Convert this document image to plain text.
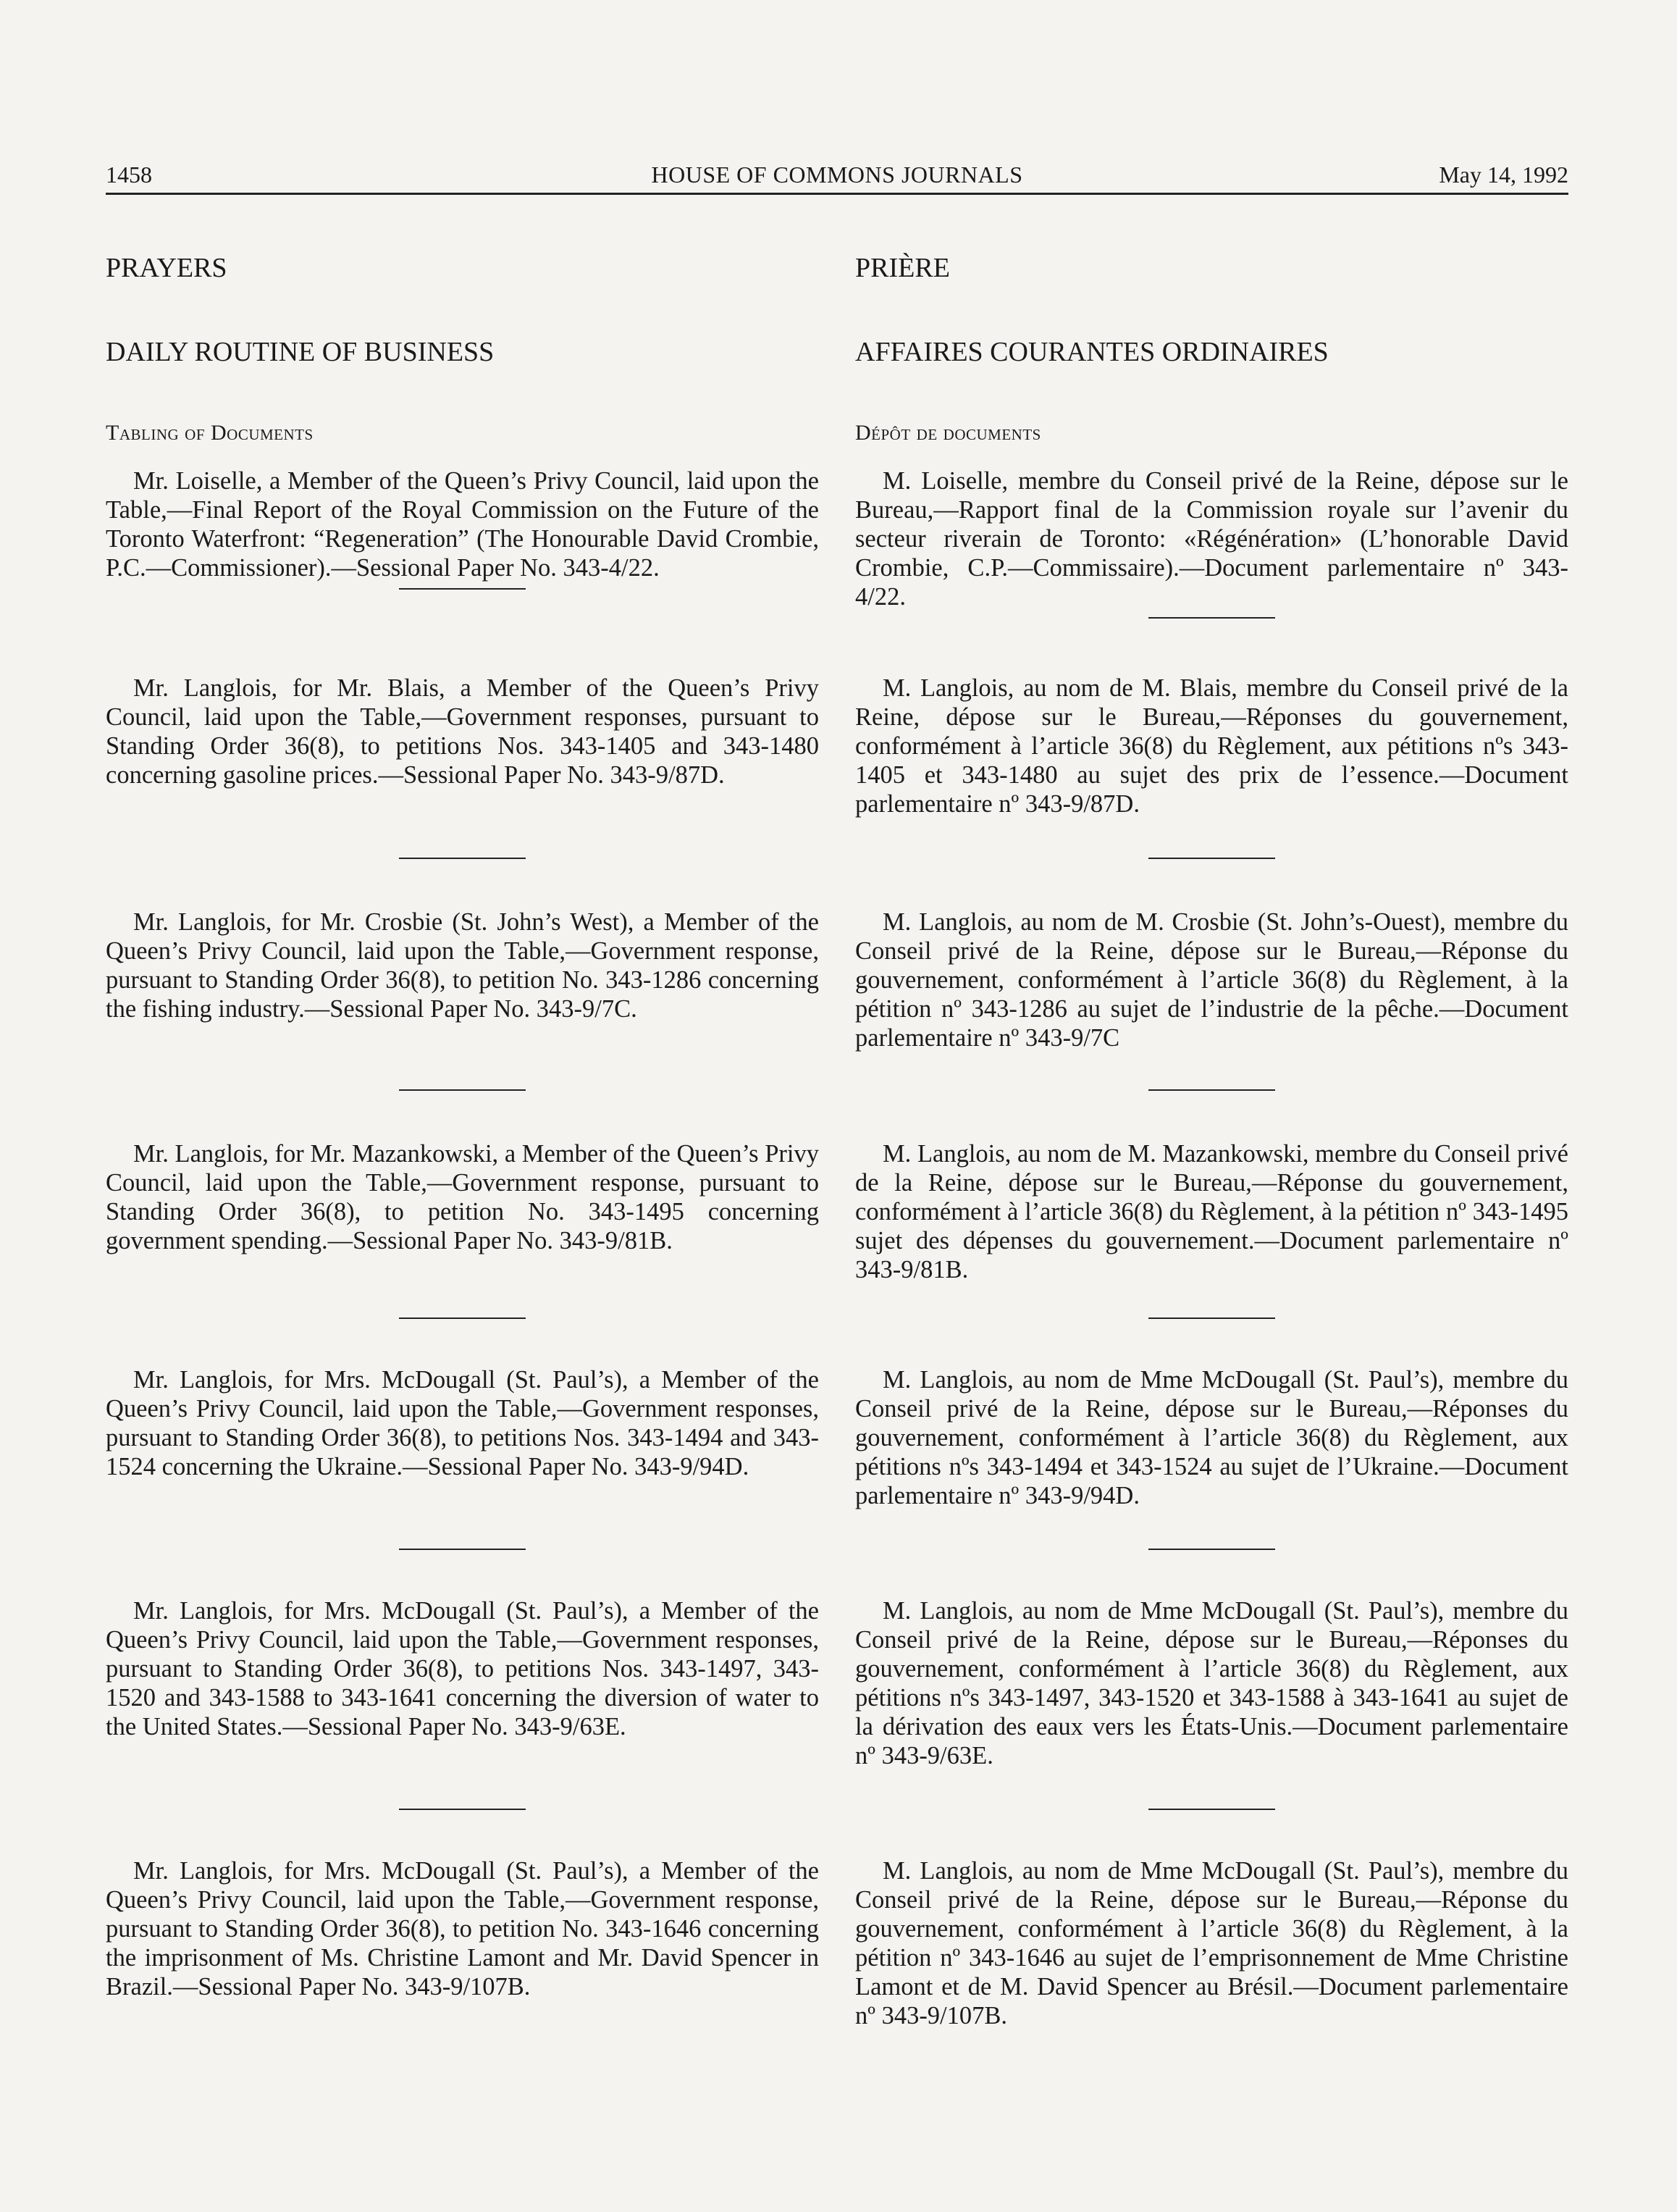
1458	HOUSE OF COMMONS JOURNALS	May 14, 1992
PRAYERS
DAILY ROUTINE OF BUSINESS
Tabling of Documents

Mr. Loiselle, a Member of the Queen’s Privy Council, laid upon the Table,—Final Report of the Royal Commission on the Future of the Toronto Waterfront: “Regeneration” (The Honourable David Crombie, P.C.—Commissioner).—Sessional Paper No. 343-4/22.

Mr. Langlois, for Mr. Blais, a Member of the Queen’s Privy Council, laid upon the Table,—Government responses, pursuant to Standing Order 36(8), to petitions Nos. 343-1405 and 343-1480 concerning gasoline prices.—Sessional Paper No. 343-9/87D.

Mr. Langlois, for Mr. Crosbie (St. John’s West), a Member of the Queen’s Privy Council, laid upon the Table,—Government response, pursuant to Standing Order 36(8), to petition No. 343-1286 concerning the fishing industry.—Sessional Paper No. 343-9/7C.

Mr. Langlois, for Mr. Mazankowski, a Member of the Queen’s Privy Council, laid upon the Table,—Government response, pursuant to Standing Order 36(8), to petition No. 343-1495 concerning government spending.—Sessional Paper No. 343-9/81B.

Mr. Langlois, for Mrs. McDougall (St. Paul’s), a Member of the Queen’s Privy Council, laid upon the Table,—Government responses, pursuant to Standing Order 36(8), to petitions Nos. 343-1494 and 343-1524 concerning the Ukraine.—Sessional Paper No. 343-9/94D.

Mr. Langlois, for Mrs. McDougall (St. Paul’s), a Member of the Queen’s Privy Council, laid upon the Table,—Government responses, pursuant to Standing Order 36(8), to petitions Nos. 343-1497, 343-1520 and 343-1588 to 343-1641 concerning the diversion of water to the United States.—Sessional Paper No. 343-9/63E.

Mr. Langlois, for Mrs. McDougall (St. Paul’s), a Member of the Queen’s Privy Council, laid upon the Table,—Government response, pursuant to Standing Order 36(8), to petition No. 343-1646 concerning the imprisonment of Ms. Christine Lamont and Mr. David Spencer in Brazil.—Sessional Paper No. 343-9/107B.

PRIÈRE
AFFAIRES COURANTES ORDINAIRES
Dépôt de documents

M. Loiselle, membre du Conseil privé de la Reine, dépose sur le Bureau,—Rapport final de la Commission royale sur l’avenir du secteur riverain de Toronto: «Régénération» (L’honorable David Crombie, C.P.—Commissaire).—Document parlementaire nº 343-4/22.

M. Langlois, au nom de M. Blais, membre du Conseil privé de la Reine, dépose sur le Bureau,—Réponses du gouvernement, conformément à l’article 36(8) du Règlement, aux pétitions nºs 343-1405 et 343-1480 au sujet des prix de l’essence.—Document parlementaire nº 343-9/87D.

M. Langlois, au nom de M. Crosbie (St. John’s-Ouest), membre du Conseil privé de la Reine, dépose sur le Bureau,—Réponse du gouvernement, conformément à l’article 36(8) du Règlement, à la pétition nº 343-1286 au sujet de l’industrie de la pêche.—Document parlementaire nº 343-9/7C

M. Langlois, au nom de M. Mazankowski, membre du Conseil privé de la Reine, dépose sur le Bureau,—Réponse du gouvernement, conformément à l’article 36(8) du Règlement, à la pétition nº 343-1495 sujet des dépenses du gouvernement.—Document parlementaire nº 343-9/81B.

M. Langlois, au nom de Mme McDougall (St. Paul’s), membre du Conseil privé de la Reine, dépose sur le Bureau,—Réponses du gouvernement, conformément à l’article 36(8) du Règlement, aux pétitions nºs 343-1494 et 343-1524 au sujet de l’Ukraine.—Document parlementaire nº 343-9/94D.

M. Langlois, au nom de Mme McDougall (St. Paul’s), membre du Conseil privé de la Reine, dépose sur le Bureau,—Réponses du gouvernement, conformément à l’article 36(8) du Règlement, aux pétitions nºs 343-1497, 343-1520 et 343-1588 à 343-1641 au sujet de la dérivation des eaux vers les États-Unis.—Document parlementaire nº 343-9/63E.

M. Langlois, au nom de Mme McDougall (St. Paul’s), membre du Conseil privé de la Reine, dépose sur le Bureau,—Réponse du gouvernement, conformément à l’article 36(8) du Règlement, à la pétition nº 343-1646 au sujet de l’emprisonnement de Mme Christine Lamont et de M. David Spencer au Brésil.—Document parlementaire nº 343-9/107B.
